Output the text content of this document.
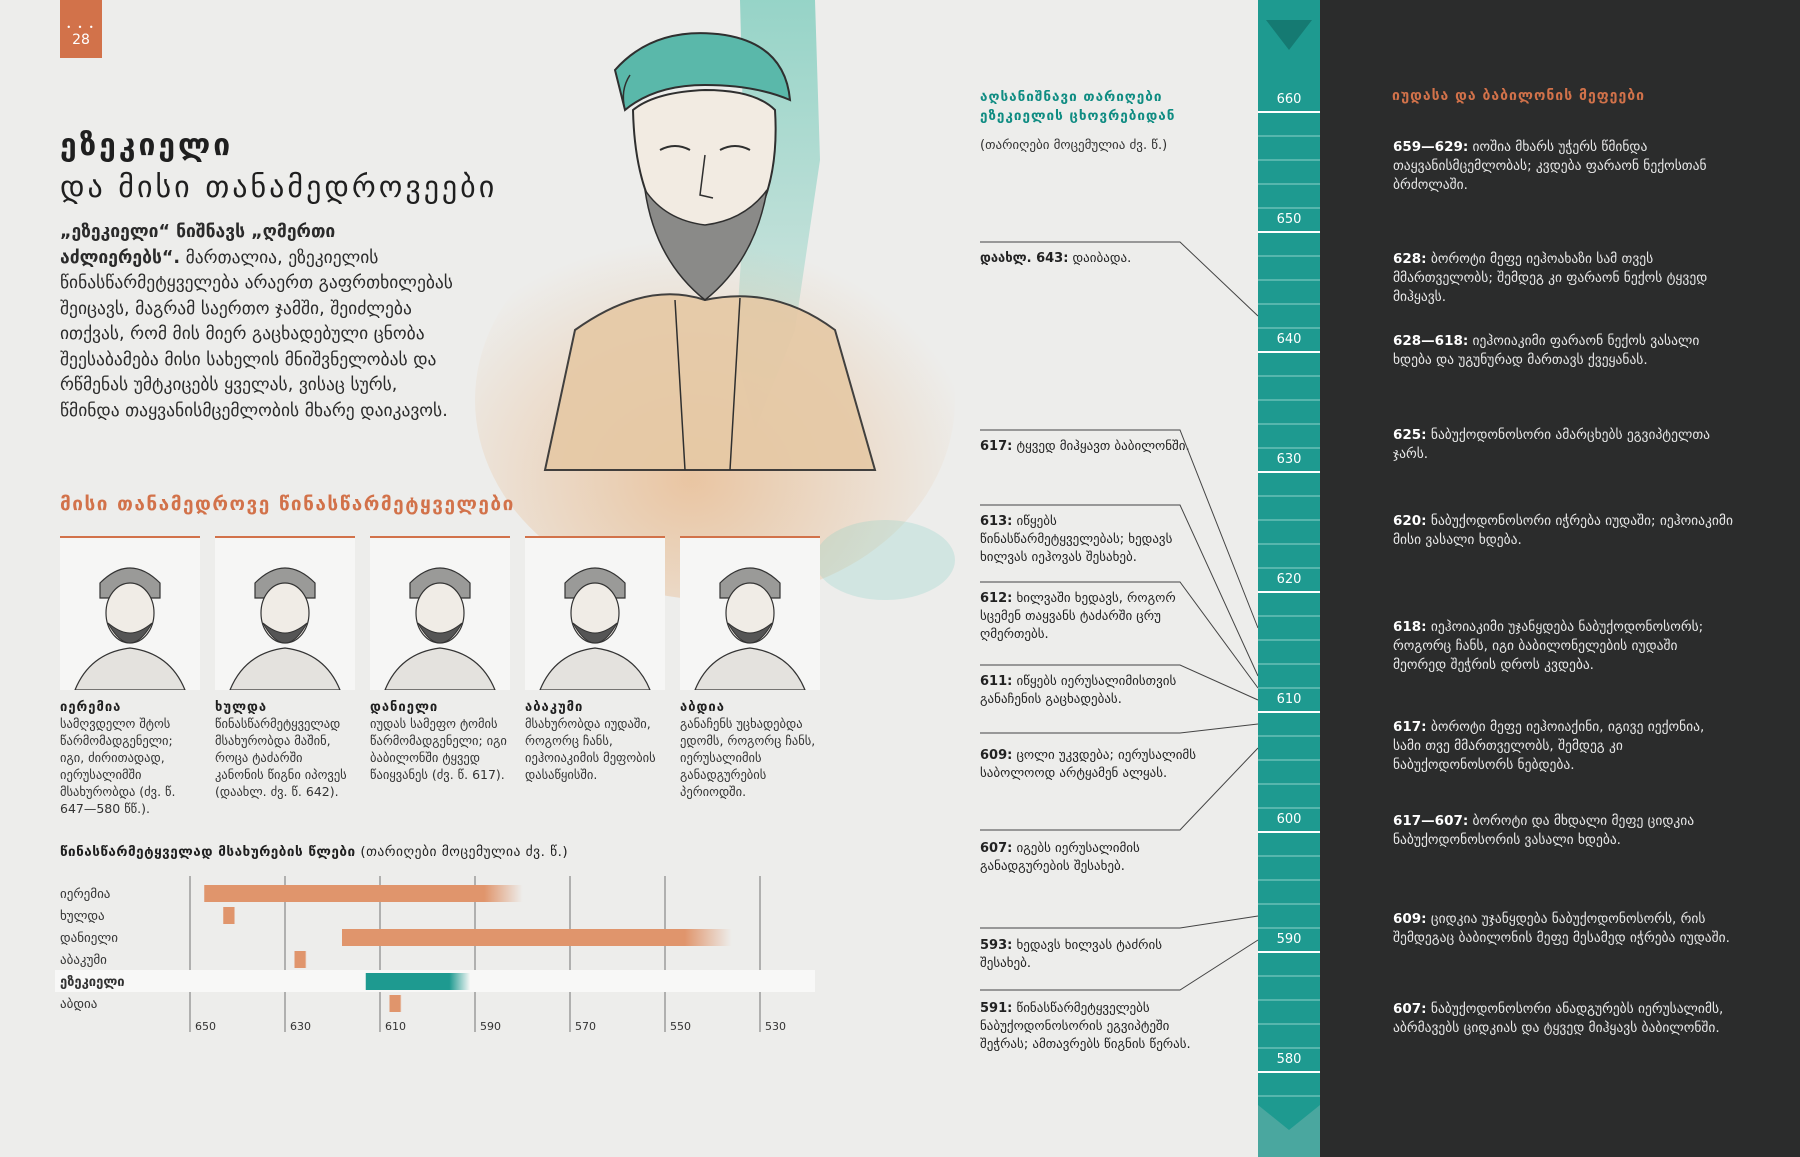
• • •
28
ეზეკიელი
და მისი თანამედროვეები
„ეზეკიელი“ ნიშნავს „ღმერთი აძლიერებს“. მართალია, ეზეკიელის წინასწარმეტყველება არაერთ გაფრთხილებას შეიცავს, მაგრამ საერთო ჯამში, შეიძლება ითქვას, რომ მის მიერ გაცხადებული ცნობა შეესაბამება მისი სახელის მნიშვნელობას და რწმენას უმტკიცებს ყველას, ვისაც სურს, წმინდა თაყვანისმცემლობის მხარე დაიკავოს.
მისი თანამედროვე წინასწარმეტყველები
იერემია
სამღვდელო შტოს წარმომადგენელი; იგი, ძირითადად, იერუსალიმში მსახურობდა (ძვ. წ. 647—580 წწ.).
ხულდა
წინასწარმეტყველად მსახურობდა მაშინ, როცა ტაძარში კანონის წიგნი იპოვეს (დაახლ. ძვ. წ. 642).
დანიელი
იუდას სამეფო ტომის წარმომადგენელი; იგი ბაბილონში ტყვედ წაიყვანეს (ძვ. წ. 617).
აბაკუმი
მსახურობდა იუდაში, როგორც ჩანს, იეჰოიაკიმის მეფობის დასაწყისში.
აბდია
განაჩენს უცხადებდა ედომს, როგორც ჩანს, იერუსალიმის განადგურების პერიოდში.
წინასწარმეტყველად მსახურების წლები (თარიღები მოცემულია ძვ. წ.)
იერემია
ხულდა
დანიელი
აბაკუმი
ეზეკიელი
აბდია
650	630	610	590	570	550	530
აღსანიშნავი თარიღები
ეზეკიელის ცხოვრებიდან
(თარიღები მოცემულია ძვ. წ.)
დაახლ. 643: დაიბადა.
617: ტყვედ მიჰყავთ ბაბილონში.
613: იწყებს წინასწარმეტყველებას; ხედავს ხილვას იეჰოვას შესახებ.
612: ხილვაში ხედავს, როგორ სცემენ თაყვანს ტაძარში ცრუ ღმერთებს.
611: იწყებს იერუსალიმისთვის განაჩენის გაცხადებას.
609: ცოლი უკვდება; იერუსალიმს საბოლოოდ არტყამენ ალყას.
607: იგებს იერუსალიმის განადგურების შესახებ.
593: ხედავს ხილვას ტაძრის შესახებ.
591: წინასწარმეტყველებს ნაბუქოდონოსორის ეგვიპტეში შეჭრას; ამთავრებს წიგნის წერას.
660
650
640
630
620
610
600
590
580
იუდასა და ბაბილონის მეფეები
659—629: იოშია მხარს უჭერს წმინდა თაყვანისმცემლობას; კვდება ფარაონ ნექოსთან ბრძოლაში.
628: ბოროტი მეფე იეჰოახაზი სამ თვეს მმართველობს; შემდეგ კი ფარაონ ნექოს ტყვედ მიჰყავს.
628—618: იეჰოიაკიმი ფარაონ ნექოს ვასალი ხდება და უგუნურად მართავს ქვეყანას.
625: ნაბუქოდონოსორი ამარცხებს ეგვიპტელთა ჯარს.
620: ნაბუქოდონოსორი იჭრება იუდაში; იეჰოიაკიმი მისი ვასალი ხდება.
618: იეჰოიაკიმი უჯანყდება ნაბუქოდონოსორს; როგორც ჩანს, იგი ბაბილონელების იუდაში მეორედ შეჭრის დროს კვდება.
617: ბოროტი მეფე იეჰოიაქინი, იგივე იექონია, სამი თვე მმართველობს, შემდეგ კი ნაბუქოდონოსორს ნებდება.
617—607: ბოროტი და მხდალი მეფე ციდკია ნაბუქოდონოსორის ვასალი ხდება.
609: ციდკია უჯანყდება ნაბუქოდონოსორს, რის შემდეგაც ბაბილონის მეფე მესამედ იჭრება იუდაში.
607: ნაბუქოდონოსორი ანადგურებს იერუსალიმს, აბრმავებს ციდკიას და ტყვედ მიჰყავს ბაბილონში.
